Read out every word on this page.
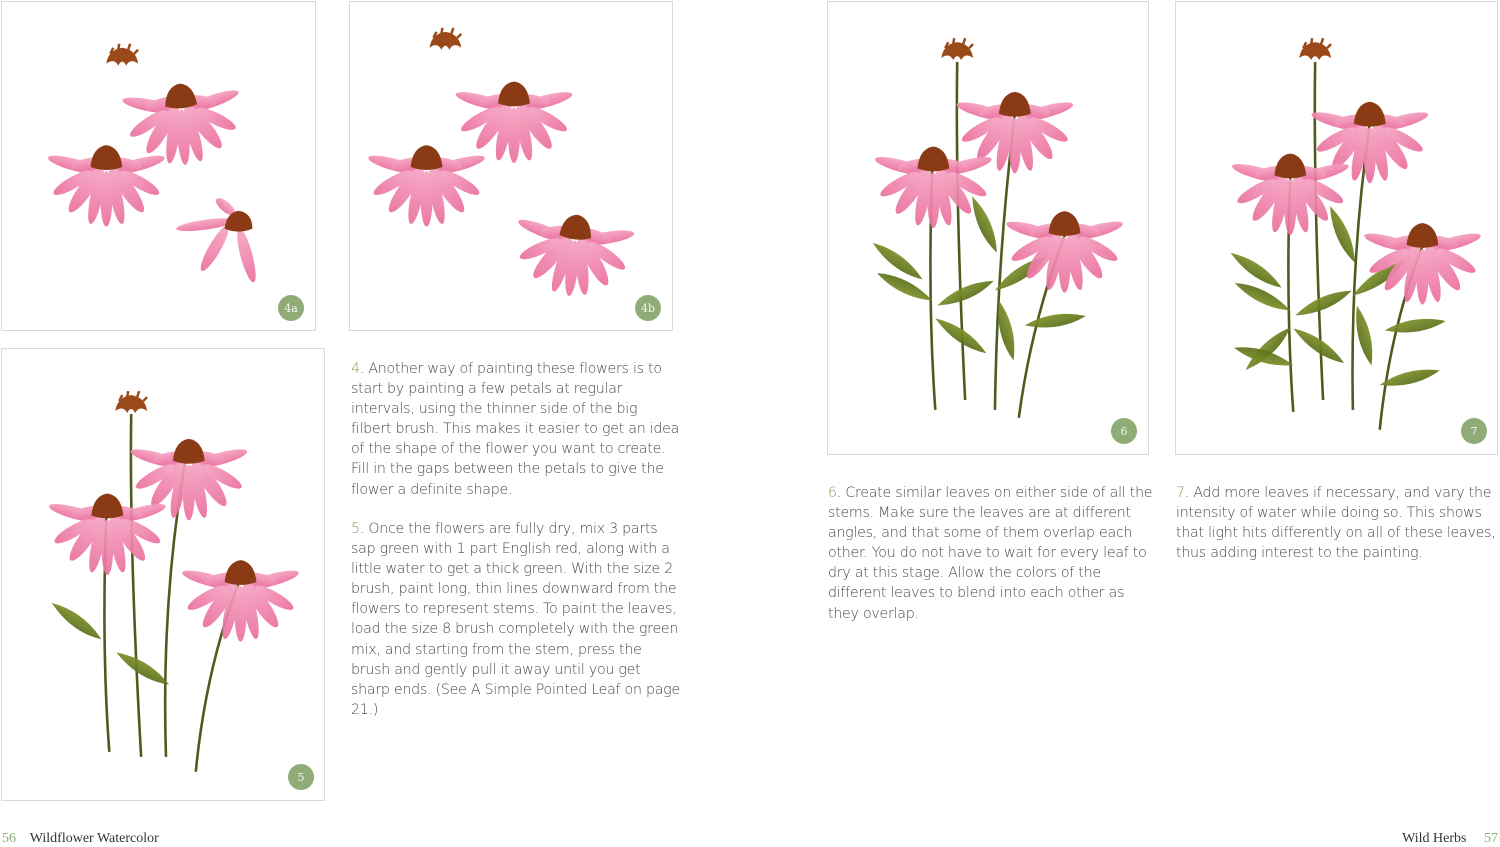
4a	4b
5
4. Another way of painting these flowers is to start by painting a few petals at regular intervals, using the thinner side of the big filbert brush. This makes it easier to get an idea of the shape of the flower you want to create. Fill in the gaps between the petals to give the flower a definite shape.
5. Once the flowers are fully dry, mix 3 parts sap green with 1 part English red, along with a little water to get a thick green. With the size 2 brush, paint long, thin lines downward from the flowers to represent stems. To paint the leaves, load the size 8 brush completely with the green mix, and starting from the stem, press the brush and gently pull it away until you get sharp ends. (See A Simple Pointed Leaf on page 21.)
56 Wildflower Watercolor
6	7
6. Create similar leaves on either side of all the stems. Make sure the leaves are at different angles, and that some of them overlap each other. You do not have to wait for every leaf to dry at this stage. Allow the colors of the different leaves to blend into each other as they overlap.
7. Add more leaves if necessary, and vary the intensity of water while doing so. This shows that light hits differently on all of these leaves, thus adding interest to the painting.
Wild Herbs 57
